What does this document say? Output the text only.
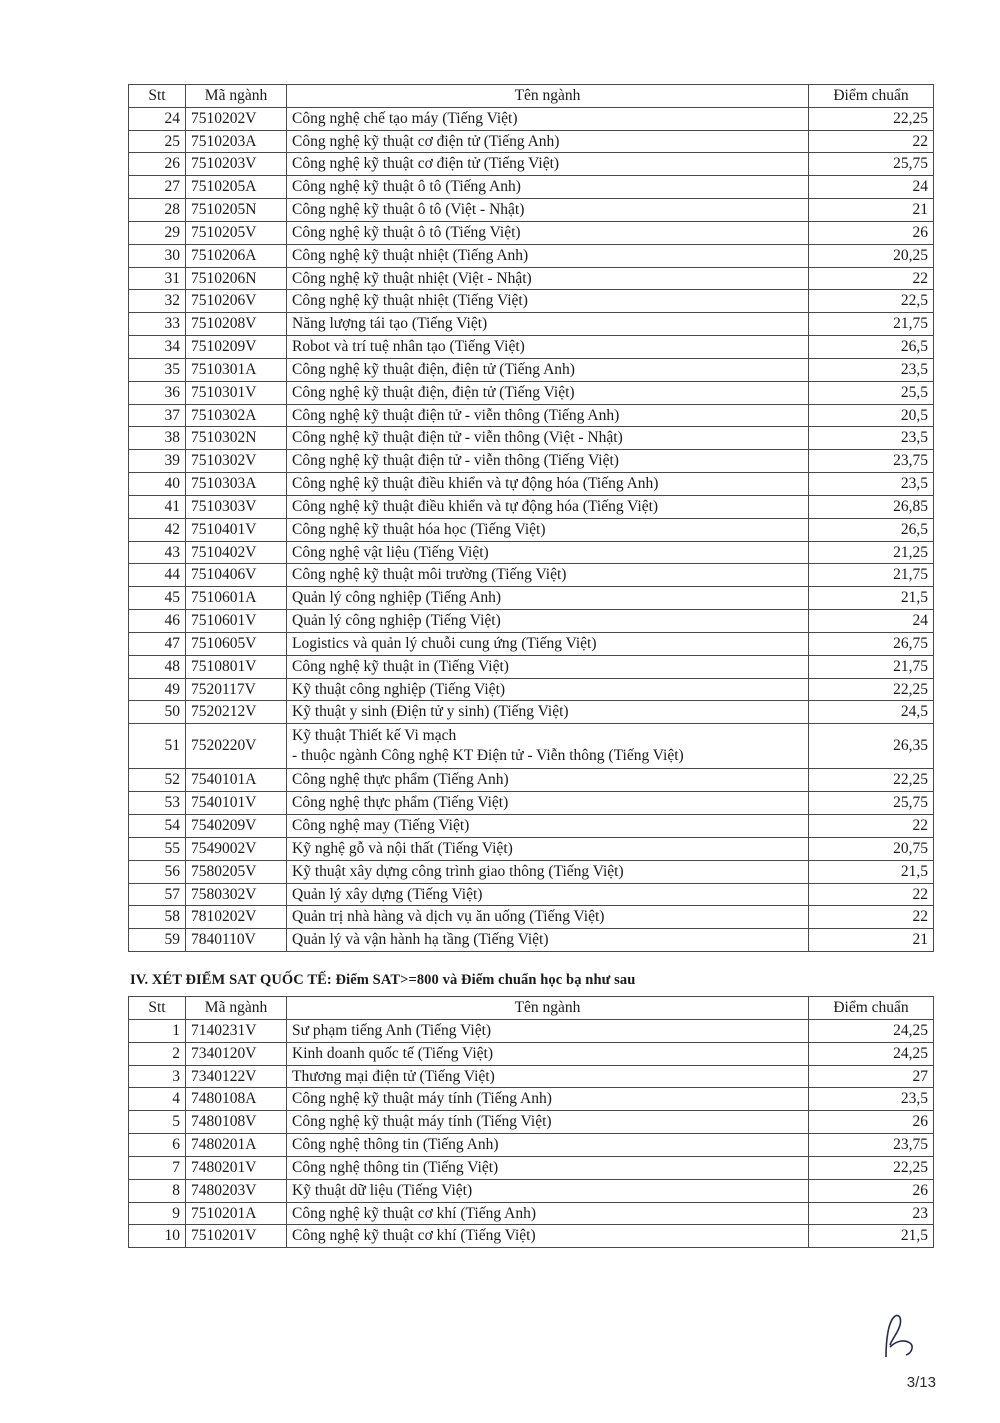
Stt	Mã ngành	Tên ngành	Điểm chuẩn
24	7510202V	Công nghệ chế tạo máy (Tiếng Việt)	22,25
25	7510203A	Công nghệ kỹ thuật cơ điện tử (Tiếng Anh)	22
26	7510203V	Công nghệ kỹ thuật cơ điện tử (Tiếng Việt)	25,75
27	7510205A	Công nghệ kỹ thuật ô tô (Tiếng Anh)	24
28	7510205N	Công nghệ kỹ thuật ô tô (Việt - Nhật)	21
29	7510205V	Công nghệ kỹ thuật ô tô (Tiếng Việt)	26
30	7510206A	Công nghệ kỹ thuật nhiệt (Tiếng Anh)	20,25
31	7510206N	Công nghệ kỹ thuật nhiệt (Việt - Nhật)	22
32	7510206V	Công nghệ kỹ thuật nhiệt (Tiếng Việt)	22,5
33	7510208V	Năng lượng tái tạo (Tiếng Việt)	21,75
34	7510209V	Robot và trí tuệ nhân tạo (Tiếng Việt)	26,5
35	7510301A	Công nghệ kỹ thuật điện, điện tử (Tiếng Anh)	23,5
36	7510301V	Công nghệ kỹ thuật điện, điện tử (Tiếng Việt)	25,5
37	7510302A	Công nghệ kỹ thuật điện tử - viễn thông (Tiếng Anh)	20,5
38	7510302N	Công nghệ kỹ thuật điện tử - viễn thông (Việt - Nhật)	23,5
39	7510302V	Công nghệ kỹ thuật điện tử - viễn thông (Tiếng Việt)	23,75
40	7510303A	Công nghệ kỹ thuật điều khiển và tự động hóa (Tiếng Anh)	23,5
41	7510303V	Công nghệ kỹ thuật điều khiển và tự động hóa (Tiếng Việt)	26,85
42	7510401V	Công nghệ kỹ thuật hóa học (Tiếng Việt)	26,5
43	7510402V	Công nghệ vật liệu (Tiếng Việt)	21,25
44	7510406V	Công nghệ kỹ thuật môi trường (Tiếng Việt)	21,75
45	7510601A	Quản lý công nghiệp (Tiếng Anh)	21,5
46	7510601V	Quản lý công nghiệp (Tiếng Việt)	24
47	7510605V	Logistics và quản lý chuỗi cung ứng (Tiếng Việt)	26,75
48	7510801V	Công nghệ kỹ thuật in (Tiếng Việt)	21,75
49	7520117V	Kỹ thuật công nghiệp (Tiếng Việt)	22,25
50	7520212V	Kỹ thuật y sinh (Điện tử y sinh) (Tiếng Việt)	24,5
51	7520220V	Kỹ thuật Thiết kế Vi mạch
- thuộc ngành Công nghệ KT Điện tử - Viễn thông (Tiếng Việt)	26,35
52	7540101A	Công nghệ thực phẩm (Tiếng Anh)	22,25
53	7540101V	Công nghệ thực phẩm (Tiếng Việt)	25,75
54	7540209V	Công nghệ may (Tiếng Việt)	22
55	7549002V	Kỹ nghệ gỗ và nội thất (Tiếng Việt)	20,75
56	7580205V	Kỹ thuật xây dựng công trình giao thông (Tiếng Việt)	21,5
57	7580302V	Quản lý xây dựng (Tiếng Việt)	22
58	7810202V	Quản trị nhà hàng và dịch vụ ăn uống (Tiếng Việt)	22
59	7840110V	Quản lý và vận hành hạ tầng (Tiếng Việt)	21
IV. XÉT ĐIỂM SAT QUỐC TẾ: Điểm SAT>=800 và Điểm chuẩn học bạ như sau
Stt	Mã ngành	Tên ngành	Điểm chuẩn
1	7140231V	Sư phạm tiếng Anh (Tiếng Việt)	24,25
2	7340120V	Kinh doanh quốc tế (Tiếng Việt)	24,25
3	7340122V	Thương mại điện tử (Tiếng Việt)	27
4	7480108A	Công nghệ kỹ thuật máy tính (Tiếng Anh)	23,5
5	7480108V	Công nghệ kỹ thuật máy tính (Tiếng Việt)	26
6	7480201A	Công nghệ thông tin (Tiếng Anh)	23,75
7	7480201V	Công nghệ thông tin (Tiếng Việt)	22,25
8	7480203V	Kỹ thuật dữ liệu (Tiếng Việt)	26
9	7510201A	Công nghệ kỹ thuật cơ khí (Tiếng Anh)	23
10	7510201V	Công nghệ kỹ thuật cơ khí (Tiếng Việt)	21,5
3/13
